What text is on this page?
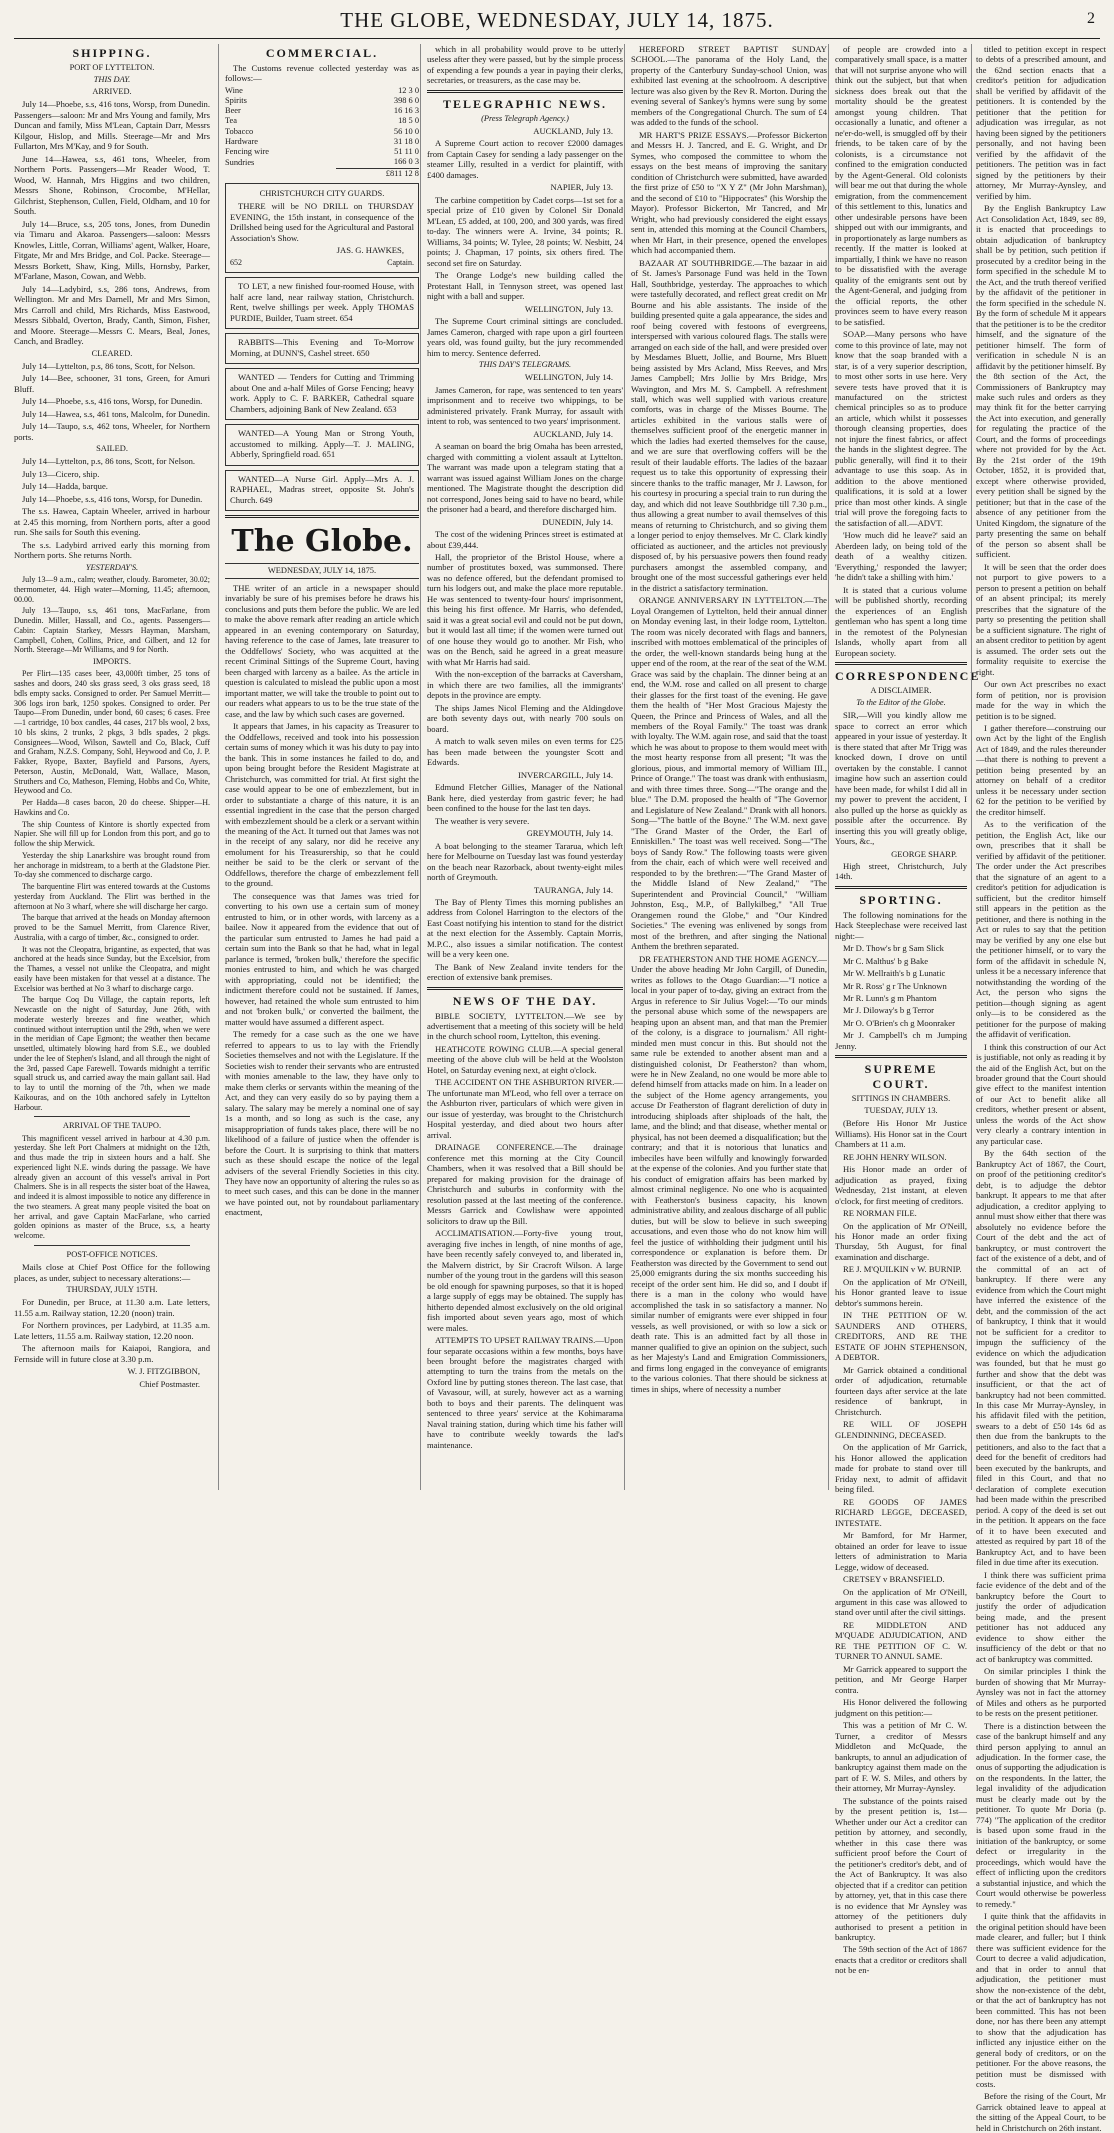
THE GLOBE, WEDNESDAY, JULY 14, 1875.	2
SHIPPING.
PORT OF LYTTELTON.
THIS DAY.
ARRIVED.

July 14—Phoebe, s.s, 416 tons, Worsp, from Dunedin. Passengers—saloon: Mr and Mrs Young and family, Mrs Duncan and family, Miss M'Lean, Captain Darr, Messrs Kilgour, Hislop, and Mills. Steerage—Mr and Mrs Fullarton, Mrs M'Kay, and 9 for South.

June 14—Hawea, s.s, 461 tons, Wheeler, from Northern Ports. Passengers—Mr Reader Wood, T. Wood, W. Hannah, Mrs Higgins and two children, Messrs Shone, Robinson, Crocombe, M'Hellar, Gilchrist, Stephenson, Cullen, Field, Oldham, and 10 for South.

July 14—Bruce, s.s, 205 tons, Jones, from Dunedin via Timaru and Akaroa. Passengers—saloon: Messrs Knowles, Little, Corran, Williams' agent, Walker, Hoare, Fitgate, Mr and Mrs Bridge, and Col. Packe. Steerage—Messrs Borkett, Shaw, King, Mills, Hornsby, Parker, M'Farlane, Mason, Cowan, and Webb.

July 14—Ladybird, s.s, 286 tons, Andrews, from Wellington. Mr and Mrs Darnell, Mr and Mrs Simon, Mrs Carroll and child, Mrs Richards, Miss Eastwood, Messrs Sibbald, Overton, Brady, Canth, Simon, Fisher, and Moore. Steerage—Messrs C. Mears, Beal, Jones, Canch, and Bradley.

CLEARED.

July 14—Lyttelton, p.s, 86 tons, Scott, for Nelson.

July 14—Bee, schooner, 31 tons, Green, for Amuri Bluff.

July 14—Phoebe, s.s, 416 tons, Worsp, for Dunedin.

July 14—Hawea, s.s, 461 tons, Malcolm, for Dunedin.

July 14—Taupo, s.s, 462 tons, Wheeler, for Northern ports.

SAILED.

July 14—Lyttelton, p.s, 86 tons, Scott, for Nelson.

July 13—Cicero, ship.

July 14—Hadda, barque.

July 14—Phoebe, s.s, 416 tons, Worsp, for Dunedin.

The s.s. Hawea, Captain Wheeler, arrived in harbour at 2.45 this morning, from Northern ports, after a good run. She sails for South this evening.

The s.s. Ladybird arrived early this morning from Northern ports. She returns North.

YESTERDAY'S.

July 13—9 a.m., calm; weather, cloudy. Barometer, 30.02; thermometer, 44. High water—Morning, 11.45; afternoon, 00.00.

July 13—Taupo, s.s, 461 tons, MacFarlane, from Dunedin. Miller, Hassall, and Co., agents. Passengers—Cabin: Captain Starkey, Messrs Hayman, Marsham, Campbell, Cohen, Collins, Price, and Gilbert, and 12 for North. Steerage—Mr Williams, and 9 for North.

IMPORTS.

Per Flirt—135 cases beer, 43,000ft timber, 25 tons of sashes and doors, 240 sks grass seed, 3 oks grass seed, 18 bdls empty sacks. Consigned to order. Per Samuel Merritt—306 logs iron bark, 1250 spokes. Consigned to order. Per Taupo—From Dunedin, under bond, 60 cases; 6 cases. Free—1 cartridge, 10 box candles, 44 cases, 217 bls wool, 2 bxs, 10 bls skins, 2 trunks, 2 pkgs, 3 bdls spades, 2 pkgs. Consignees—Wood, Wilson, Sawtell and Co, Black, Cuff and Graham, N.Z.S. Company, Sohl, Heywood and Co, J. P. Fakker, Ryope, Baxter, Bayfield and Parsons, Ayers, Peterson, Austin, McDonald, Watt, Wallace, Mason, Struthers and Co, Matheson, Fleming, Hobbs and Co, White, Heywood and Co.

Per Hadda—8 cases bacon, 20 do cheese. Shipper—H. Hawkins and Co.

The ship Countess of Kintore is shortly expected from Napier. She will fill up for London from this port, and go to follow the ship Merwick.

Yesterday the ship Lanarkshire was brought round from her anchorage in midstream, to a berth at the Gladstone Pier. To-day she commenced to discharge cargo.

The barquentine Flirt was entered towards at the Customs yesterday from Auckland. The Flirt was berthed in the afternoon at No 3 wharf, where she will discharge her cargo.

The barque that arrived at the heads on Monday afternoon proved to be the Samuel Merritt, from Clarence River, Australia, with a cargo of timber, &c., consigned to order.

It was not the Cleopatra, brigantine, as expected, that was anchored at the heads since Sunday, but the Excelsior, from the Thames, a vessel not unlike the Cleopatra, and might easily have been mistaken for that vessel at a distance. The Excelsior was berthed at No 3 wharf to discharge cargo.

The barque Coq Du Village, the captain reports, left Newcastle on the night of Saturday, June 26th, with moderate westerly breezes and fine weather, which continued without interruption until the 29th, when we were in the meridian of Cape Egmont; the weather then became unsettled, ultimately blowing hard from S.E., we doubled under the lee of Stephen's Island, and all through the night of the 3rd, passed Cape Farewell. Towards midnight a terrific squall struck us, and carried away the main gallant sail. Had to lay to until the morning of the 7th, when we made Kaikouras, and on the 10th anchored safely in Lyttelton Harbour.

ARRIVAL OF THE TAUPO.

This magnificent vessel arrived in harbour at 4.30 p.m. yesterday. She left Port Chalmers at midnight on the 12th, and thus made the trip in sixteen hours and a half. She experienced light N.E. winds during the passage. We have already given an account of this vessel's arrival in Port Chalmers. She is in all respects the sister boat of the Hawea, and indeed it is almost impossible to notice any difference in the two steamers. A great many people visited the boat on her arrival, and gave Captain MacFarlane, who carried golden opinions as master of the Bruce, s.s, a hearty welcome.

POST-OFFICE NOTICES.

Mails close at Chief Post Office for the following places, as under, subject to necessary alterations:—

THURSDAY, JULY 15TH.

For Dunedin, per Bruce, at 11.30 a.m. Late letters, 11.55 a.m. Railway station, 12.20 (noon) train.

For Northern provinces, per Ladybird, at 11.35 a.m. Late letters, 11.55 a.m. Railway station, 12.20 noon.

The afternoon mails for Kaiapoi, Rangiora, and Fernside will in future close at 3.30 p.m.

W. J. FITZGIBBON,

Chief Postmaster.

COMMERCIAL.

The Customs revenue collected yesterday was as follows:—

Wine	12 3 0
Spirits	398 6 0
Beer	16 16 3
Tea	18 5 0
Tobacco	56 10 0
Hardware	31 18 0
Fencing wire	51 11 0
Sundries	166 0 3
	£811 12 8
CHRISTCHURCH CITY GUARDS.

THERE will be NO DRILL on THURSDAY EVENING, the 15th instant, in consequence of the Drillshed being used for the Agricultural and Pastoral Association's Show.

JAS. G. HAWKES,

652	Captain.

TO LET, a new finished four-roomed House, with half acre land, near railway station, Christchurch. Rent, twelve shillings per week. Apply THOMAS PURDIE, Builder, Tuam street. 654

RABBITS—This Evening and To-Morrow Morning, at DUNN'S, Cashel street. 650

WANTED — Tenders for Cutting and Trimming about One and a-half Miles of Gorse Fencing; heavy work. Apply to C. F. BARKER, Cathedral square Chambers, adjoining Bank of New Zealand. 653

WANTED—A Young Man or Strong Youth, accustomed to milking. Apply—T. J. MALING, Abberly, Springfield road. 651

WANTED—A Nurse Girl. Apply—Mrs A. J. RAPHAEL, Madras street, opposite St. John's Church. 649

The Globe.
WEDNESDAY, JULY 14, 1875.

THE writer of an article in a newspaper should invariably be sure of his premises before he draws his conclusions and puts them before the public. We are led to make the above remark after reading an article which appeared in an evening contemporary on Saturday, having reference to the case of James, late treasurer to the Oddfellows' Society, who was acquitted at the recent Criminal Sittings of the Supreme Court, having been charged with larceny as a bailee. As the article in question is calculated to mislead the public upon a most important matter, we will take the trouble to point out to our readers what appears to us to be the true state of the case, and the law by which such cases are governed.

It appears that James, in his capacity as Treasurer to the Oddfellows, received and took into his possession certain sums of money which it was his duty to pay into the bank. This in some instances he failed to do, and upon being brought before the Resident Magistrate at Christchurch, was committed for trial. At first sight the case would appear to be one of embezzlement, but in order to substantiate a charge of this nature, it is an essential ingredient in the case that the person charged with embezzlement should be a clerk or a servant within the meaning of the Act. It turned out that James was not in the receipt of any salary, nor did he receive any emolument for his Treasurership, so that he could neither be said to be the clerk or servant of the Oddfellows, therefore the charge of embezzlement fell to the ground.

The consequence was that James was tried for converting to his own use a certain sum of money entrusted to him, or in other words, with larceny as a bailee. Now it appeared from the evidence that out of the particular sum entrusted to James he had paid a certain sum into the Bank so that he had, what in legal parlance is termed, 'broken bulk,' therefore the specific monies entrusted to him, and which he was charged with appropriating, could not be identified; the indictment therefore could not be sustained. If James, however, had retained the whole sum entrusted to him and not 'broken bulk,' or converted the bailment, the matter would have assumed a different aspect.

The remedy for a case such as the one we have referred to appears to us to lay with the Friendly Societies themselves and not with the Legislature. If the Societies wish to render their servants who are entrusted with monies amenable to the law, they have only to make them clerks or servants within the meaning of the Act, and they can very easily do so by paying them a salary. The salary may be merely a nominal one of say 1s a month, and so long as such is the case, any misappropriation of funds takes place, there will be no likelihood of a failure of justice when the offender is before the Court. It is surprising to think that matters such as these should escape the notice of the legal advisers of the several Friendly Societies in this city. They have now an opportunity of altering the rules so as to meet such cases, and this can be done in the manner we have pointed out, not by roundabout parliamentary enactment,

which in all probability would prove to be utterly useless after they were passed, but by the simple process of expending a few pounds a year in paying their clerks, secretaries, or treasurers, as the case may be.

TELEGRAPHIC NEWS.
(Press Telegraph Agency.)

AUCKLAND, July 13.

A Supreme Court action to recover £2000 damages from Captain Casey for sending a lady passenger on the steamer Lilly, resulted in a verdict for plaintiff, with £400 damages.

NAPIER, July 13.

The carbine competition by Cadet corps—1st set for a special prize of £10 given by Colonel Sir Donald M'Lean, £5 added, at 100, 200, and 300 yards, was fired to-day. The winners were A. Irvine, 34 points; R. Williams, 34 points; W. Tylee, 28 points; W. Nesbitt, 24 points; J. Chapman, 17 points, six others fired. The second set fire on Saturday.

The Orange Lodge's new building called the Protestant Hall, in Tennyson street, was opened last night with a ball and supper.

WELLINGTON, July 13.

The Supreme Court criminal sittings are concluded. James Cameron, charged with rape upon a girl fourteen years old, was found guilty, but the jury recommended him to mercy. Sentence deferred.

THIS DAY'S TELEGRAMS.

WELLINGTON, July 14.

James Cameron, for rape, was sentenced to ten years' imprisonment and to receive two whippings, to be administered privately. Frank Murray, for assault with intent to rob, was sentenced to two years' imprisonment.

AUCKLAND, July 14.

A seaman on board the brig Omaha has been arrested, charged with committing a violent assault at Lyttelton. The warrant was made upon a telegram stating that a warrant was issued against William Jones on the charge mentioned. The Magistrate thought the description did not correspond, Jones being said to have no beard, while the prisoner had a beard, and therefore discharged him.

DUNEDIN, July 14.

The cost of the widening Princes street is estimated at about £39,444.

Hall, the proprietor of the Bristol House, where a number of prostitutes boxed, was summonsed. There was no defence offered, but the defendant promised to turn his lodgers out, and make the place more reputable. He was sentenced to twenty-four hours' imprisonment, this being his first offence. Mr Harris, who defended, said it was a great social evil and could not be put down, but it would last all time; if the women were turned out of one house they would go to another. Mr Fish, who was on the Bench, said he agreed in a great measure with what Mr Harris had said.

With the non-exception of the barracks at Caversham, in which there are two families, all the immigrants' depots in the province are empty.

The ships James Nicol Fleming and the Aldingdove are both seventy days out, with nearly 700 souls on board.

A match to walk seven miles on even terms for £25 has been made between the youngster Scott and Edwards.

INVERCARGILL, July 14.

Edmund Fletcher Gillies, Manager of the National Bank here, died yesterday from gastric fever; he had been confined to the house for the last ten days.

The weather is very severe.

GREYMOUTH, July 14.

A boat belonging to the steamer Tararua, which left here for Melbourne on Tuesday last was found yesterday on the beach near Razorback, about twenty-eight miles north of Greymouth.

TAURANGA, July 14.

The Bay of Plenty Times this morning publishes an address from Colonel Harrington to the electors of the East Coast notifying his intention to stand for the district at the next election for the Assembly. Captain Morris, M.P.C., also issues a similar notification. The contest will be a very keen one.

The Bank of New Zealand invite tenders for the erection of extensive bank premises.

NEWS OF THE DAY.

BIBLE SOCIETY, LYTTELTON.—We see by advertisement that a meeting of this society will be held in the church school room, Lyttelton, this evening.

HEATHCOTE ROWING CLUB.—A special general meeting of the above club will be held at the Woolston Hotel, on Saturday evening next, at eight o'clock.

THE ACCIDENT ON THE ASHBURTON RIVER.—The unfortunate man M'Leod, who fell over a terrace on the Ashburton river, particulars of which were given in our issue of yesterday, was brought to the Christchurch Hospital yesterday, and died about two hours after arrival.

DRAINAGE CONFERENCE.—The drainage conference met this morning at the City Council Chambers, when it was resolved that a Bill should be prepared for making provision for the drainage of Christchurch and suburbs in conformity with the resolution passed at the last meeting of the conference. Messrs Garrick and Cowlishaw were appointed solicitors to draw up the Bill.

ACCLIMATISATION.—Forty-five young trout, averaging five inches in length, of nine months of age, have been recently safely conveyed to, and liberated in, the Malvern district, by Sir Cracroft Wilson. A large number of the young trout in the gardens will this season be old enough for spawning purposes, so that it is hoped a large supply of eggs may be obtained. The supply has hitherto depended almost exclusively on the old original fish imported about seven years ago, most of which were males.

ATTEMPTS TO UPSET RAILWAY TRAINS.—Upon four separate occasions within a few months, boys have been brought before the magistrates charged with attempting to turn the trains from the metals on the Oxford line by putting stones thereon. The last case, that of Vavasour, will, at surely, however act as a warning both to boys and their parents. The delinquent was sentenced to three years' service at the Kohimarama Naval training station, during which time his father will have to contribute weekly towards the lad's maintenance.

HEREFORD STREET BAPTIST SUNDAY SCHOOL.—The panorama of the Holy Land, the property of the Canterbury Sunday-school Union, was exhibited last evening at the schoolroom. A descriptive lecture was also given by the Rev R. Morton. During the evening several of Sankey's hymns were sung by some members of the Congregational Church. The sum of £4 was added to the funds of the school.

MR HART'S PRIZE ESSAYS.—Professor Bickerton and Messrs H. J. Tancred, and E. G. Wright, and Dr Symes, who composed the committee to whom the essays on the best means of improving the sanitary condition of Christchurch were submitted, have awarded the first prize of £50 to "X Y Z" (Mr John Marshman), and the second of £10 to "Hippocrates" (his Worship the Mayor). Professor Bickerton, Mr Tancred, and Mr Wright, who had previously considered the eight essays sent in, attended this morning at the Council Chambers, when Mr Hart, in their presence, opened the envelopes which had accompanied them.

BAZAAR AT SOUTHBRIDGE.—The bazaar in aid of St. James's Parsonage Fund was held in the Town Hall, Southbridge, yesterday. The approaches to which were tastefully decorated, and reflect great credit on Mr Bourne and his able assistants. The inside of the building presented quite a gala appearance, the sides and roof being covered with festoons of evergreens, interspersed with various coloured flags. The stalls were arranged on each side of the hall, and were presided over by Mesdames Bluett, Jollie, and Bourne, Mrs Bluett being assisted by Mrs Acland, Miss Reeves, and Mrs James Campbell; Mrs Jollie by Mrs Bridge, Mrs Wavington, and Mrs M. S. Campbell. A refreshment stall, which was well supplied with various creature comforts, was in charge of the Misses Bourne. The articles exhibited in the various stalls were of themselves sufficient proof of the energetic manner in which the ladies had exerted themselves for the cause, and we are sure that overflowing coffers will be the result of their laudable efforts. The ladies of the bazaar request us to take this opportunity of expressing their sincere thanks to the traffic manager, Mr J. Lawson, for his courtesy in procuring a special train to run during the day, and which did not leave Southbridge till 7.30 p.m., thus allowing a great number to avail themselves of this means of returning to Christchurch, and so giving them a longer period to enjoy themselves. Mr C. Clark kindly officiated as auctioneer, and the articles not previously disposed of, by his persuasive powers then found ready purchasers amongst the assembled company, and brought one of the most successful gatherings ever held in the district a satisfactory termination.

ORANGE ANNIVERSARY IN LYTTELTON.—The Loyal Orangemen of Lyttelton, held their annual dinner on Monday evening last, in their lodge room, Lyttelton. The room was nicely decorated with flags and banners, inscribed with mottoes emblematical of the principles of the order, the well-known standards being hung at the upper end of the room, at the rear of the seat of the W.M. Grace was said by the chaplain. The dinner being at an end, the W.M. rose and called on all present to charge their glasses for the first toast of the evening. He gave them the health of "Her Most Gracious Majesty the Queen, the Prince and Princess of Wales, and all the members of the Royal Family." The toast was drank with loyalty. The W.M. again rose, and said that the toast which he was about to propose to them would meet with the most hearty response from all present; "It was the glorious, pious, and immortal memory of William III., Prince of Orange." The toast was drank with enthusiasm, and with three times three. Song—"The orange and the blue." The D.M. proposed the health of "The Governor and Legislature of New Zealand." Drank with all honors. Song—"The battle of the Boyne." The W.M. next gave "The Grand Master of the Order, the Earl of Enniskillen." The toast was well received. Song—"The boys of Sandy Row." The following toasts were given from the chair, each of which were well received and responded to by the brethren:—"The Grand Master of the Middle Island of New Zealand," "The Superintendent and Provincial Council," "William Johnston, Esq., M.P., of Ballykilbeg," "All True Orangemen round the Globe," and "Our Kindred Societies." The evening was enlivened by songs from most of the brethren, and after singing the National Anthem the brethren separated.

DR FEATHERSTON AND THE HOME AGENCY.—Under the above heading Mr John Cargill, of Dunedin, writes as follows to the Otago Guardian:—"I notice a local in your paper of to-day, giving an extract from the Argus in reference to Sir Julius Vogel:—'To our minds the personal abuse which some of the newspapers are heaping upon an absent man, and that man the Premier of the colony, is a disgrace to journalism.' All right-minded men must concur in this. But should not the same rule be extended to another absent man and a distinguished colonist, Dr Featherston? than whom, were he in New Zealand, no one would be more able to defend himself from attacks made on him. In a leader on the subject of the Home agency arrangements, you accuse Dr Featherston of flagrant dereliction of duty in introducing shiploads after shiploads of the halt, the lame, and the blind; and that disease, whether mental or physical, has not been deemed a disqualification; but the contrary; and that it is notorious that lunatics and imbeciles have been wilfully and knowingly forwarded at the expense of the colonies. And you further state that his conduct of emigration affairs has been marked by almost criminal negligence. No one who is acquainted with Featherston's business capacity, his known administrative ability, and zealous discharge of all public duties, but will be slow to believe in such sweeping accusations, and even those who do not know him will feel the justice of withholding their judgment until his correspondence or explanation is before them. Dr Featherston was directed by the Government to send out 25,000 emigrants during the six months succeeding his receipt of the order sent him. He did so, and I doubt if there is a man in the colony who would have accomplished the task in so satisfactory a manner. No similar number of emigrants were ever shipped in four vessels, as well provisioned, or with so low a sick or death rate. This is an admitted fact by all those in manner qualified to give an opinion on the subject, such as her Majesty's Land and Emigration Commissioners, and firms long engaged in the conveyance of emigrants to the various colonies. That there should be sickness at times in ships, where of necessity a number

of people are crowded into a comparatively small space, is a matter that will not surprise anyone who will think out the subject, but that when sickness does break out that the mortality should be the greatest amongst young children. That occasionally a lunatic, and oftener a ne'er-do-well, is smuggled off by their friends, to be taken care of by the colonists, is a circumstance not confined to the emigration conducted by the Agent-General. Old colonists will bear me out that during the whole emigration, from the commencement of this settlement to this, lunatics and other undesirable persons have been shipped out with our immigrants, and in proportionately as large numbers as recently. If the matter is looked at impartially, I think we have no reason to be dissatisfied with the average quality of the emigrants sent out by the Agent-General, and judging from the official reports, the other provinces seem to have every reason to be satisfied.

SOAP.—Many persons who have come to this province of late, may not know that the soap branded with a star, is of a very superior description, to most other sorts in use here. Very severe tests have proved that it is manufactured on the strictest chemical principles so as to produce an article, which whilst it possesses thorough cleansing properties, does not injure the finest fabrics, or affect the hands in the slightest degree. The public generally, will find it to their advantage to use this soap. As in addition to the above mentioned qualifications, it is sold at a lower price than most other kinds. A single trial will prove the foregoing facts to the satisfaction of all.—ADVT.

'How much did he leave?' said an Aberdeen lady, on being told of the death of a wealthy citizen. 'Everything,' responded the lawyer; 'he didn't take a shilling with him.'

It is stated that a curious volume will be published shortly, recording the experiences of an English gentleman who has spent a long time in the remotest of the Polynesian Islands, wholly apart from all European society.

CORRESPONDENCE
A DISCLAIMER.
To the Editor of the Globe.

SIR,—Will you kindly allow me space to correct an error which appeared in your issue of yesterday. It is there stated that after Mr Trigg was knocked down, I drove on until overtaken by the constable. I cannot imagine how such an assertion could have been made, for whilst I did all in my power to prevent the accident, I also pulled up the horse as quickly as possible after the occurrence. By inserting this you will greatly oblige, Yours, &c.,

GEORGE SHARP.

High street, Christchurch, July 14th.

SPORTING.

The following nominations for the Hack Steeplechase were received last night:—

Mr D. Thow's br g Sam Slick

Mr C. Malthus' b g Bake

Mr W. Mellraith's b g Lunatic

Mr R. Ross' g r The Unknown

Mr R. Lunn's g m Phantom

Mr J. Diloway's b g Terror

Mr O. O'Brien's ch g Moonraker

Mr J. Campbell's ch m Jumping Jenny.

SUPREME COURT.
SITTINGS IN CHAMBERS.
TUESDAY, JULY 13.

(Before His Honor Mr Justice Williams). His Honor sat in the Court Chambers at 11 a.m.

RE JOHN HENRY WILSON.

His Honor made an order of adjudication as prayed, fixing Wednesday, 21st instant, at eleven o'clock, for first meeting of creditors.

RE NORMAN FILE.

On the application of Mr O'Neill, his Honor made an order fixing Thursday, 5th August, for final examination and discharge.

RE J. M'QUILKIN v W. BURNIP.

On the application of Mr O'Neill, his Honor granted leave to issue debtor's summons herein.

IN THE PETITION OF W. SAUNDERS AND OTHERS, CREDITORS, AND RE THE ESTATE OF JOHN STEPHENSON, A DEBTOR.

Mr Garrick obtained a conditional order of adjudication, returnable fourteen days after service at the late residence of bankrupt, in Christchurch.

RE WILL OF JOSEPH GLENDINNING, DECEASED.

On the application of Mr Garrick, his Honor allowed the application made for probate to stand over till Friday next, to admit of affidavit being filed.

RE GOODS OF JAMES RICHARD LEGGE, DECEASED, INTESTATE.

Mr Bamford, for Mr Harmer, obtained an order for leave to issue letters of administration to Maria Legge, widow of deceased.

CRETSEY v BRANSFIELD.

On the application of Mr O'Neill, argument in this case was allowed to stand over until after the civil sittings.

RE MIDDLETON AND M'QUADE ADJUDICATION, AND RE THE PETITION OF C. W. TURNER TO ANNUL SAME.

Mr Garrick appeared to support the petition, and Mr George Harper contra.

His Honor delivered the following judgment on this petition:—

This was a petition of Mr C. W. Turner, a creditor of Messrs Middleton and McQuade, the bankrupts, to annul an adjudication of bankruptcy against them made on the part of F. W. S. Miles, and others by their attorney, Mr Murray-Aynsley.

The substance of the points raised by the present petition is, 1st—Whether under our Act a creditor can petition by attorney, and secondly, whether in this case there was sufficient proof before the Court of the petitioner's creditor's debt, and of the Act of Bankruptcy. It was also objected that if a creditor can petition by attorney, yet, that in this case there is no evidence that Mr Aynsley was attorney of the petitioners duly authorised to present a petition in bankruptcy.

The 59th section of the Act of 1867 enacts that a creditor or creditors shall not be en-

titled to petition except in respect to debts of a prescribed amount, and the 62nd section enacts that a creditor's petition for adjudication shall be verified by affidavit of the petitioners. It is contended by the petitioner that the petition for adjudication was irregular, as not having been signed by the petitioners personally, and not having been verified by the affidavit of the petitioners. The petition was in fact signed by the petitioners by their attorney, Mr Murray-Aynsley, and verified by him.

By the English Bankruptcy Law Act Consolidation Act, 1849, sec 89, it is enacted that proceedings to obtain adjudication of bankruptcy shall be by petition, such petition if prosecuted by a creditor being in the form specified in the schedule M to the Act, and the truth thereof verified by the affidavit of the petitioner in the form specified in the schedule N. By the form of schedule M it appears that the petitioner is to be the creditor himself, and the signature of the petitioner himself. The form of verification in schedule N is an affidavit by the petitioner himself. By the 8th section of the Act, the Commissioners of Bankruptcy may make such rules and orders as they may think fit for the better carrying the Act into execution, and generally for regulating the practice of the Court, and the forms of proceedings where not provided for by the Act. By the 21st order of the 19th October, 1852, it is provided that, except where otherwise provided, every petition shall be signed by the petitioner; but that in the case of the absence of any petitioner from the United Kingdom, the signature of the party presenting the same on behalf of the person so absent shall be sufficient.

It will be seen that the order does not purport to give powers to a person to present a petition on behalf of an absent principal; its merely prescribes that the signature of the party so presenting the petition shall be a sufficient signature. The right of an absent creditor to petition by agent is assumed. The order sets out the formality requisite to exercise the right.

Our own Act prescribes no exact form of petition, nor is provision made for the way in which the petition is to be signed.

I gather therefore—construing our own Act by the light of the English Act of 1849, and the rules thereunder—that there is nothing to prevent a petition being presented by an attorney on behalf of a creditor unless it be necessary under section 62 for the petition to be verified by the creditor himself.

As to the verification of the petition, the English Act, like our own, prescribes that it shall be verified by affidavit of the petitioner. The order under the Act prescribes that the signature of an agent to a creditor's petition for adjudication is sufficient, but the creditor himself still appears in the petition as the petitioner, and there is nothing in the Act or rules to say that the petition may be verified by any one else but the petitioner himself, or to vary the form of the affidavit in schedule N, unless it be a necessary inference that notwithstanding the wording of the Act, the person who signs the petition—though signing as agent only—is to be considered as the petitioner for the purpose of making the affidavit of verification.

I think this construction of our Act is justifiable, not only as reading it by the aid of the English Act, but on the broader ground that the Court should give effect to the manifest intention of our Act to benefit alike all creditors, whether present or absent, unless the words of the Act show very clearly a contrary intention in any particular case.

By the 64th section of the Bankruptcy Act of 1867, the Court, on proof of the petitioning creditor's debt, is to adjudge the debtor bankrupt. It appears to me that after adjudication, a creditor applying to annul must show either that there was absolutely no evidence before the Court of the debt and the act of bankruptcy, or must controvert the fact of the existence of a debt, and of the committal of an act of bankruptcy. If there were any evidence from which the Court might have inferred the existence of the debt, and the commission of the act of bankruptcy, I think that it would not be sufficient for a creditor to impugn the sufficiency of the evidence on which the adjudication was founded, but that he must go further and show that the debt was insufficient, or that the act of bankruptcy had not been committed. In this case Mr Murray-Aynsley, in his affidavit filed with the petition, swears to a debt of £50 14s 6d as then due from the bankrupts to the petitioners, and also to the fact that a deed for the benefit of creditors had been executed by the bankrupts, and filed in this Court, and that no declaration of complete execution had been made within the prescribed period. A copy of the deed is set out in the petition. It appears on the face of it to have been executed and attested as required by part 18 of the Bankruptcy Act, and to have been filed in due time after its execution.

I think there was sufficient prima facie evidence of the debt and of the bankruptcy before the Court to justify the order of adjudication being made, and the present petitioner has not adduced any evidence to show either the insufficiency of the debt or that no act of bankruptcy was committed.

On similar principles I think the burden of showing that Mr Murray-Aynsley was not in fact the attorney of Miles and others as he purported to be rests on the present petitioner.

There is a distinction between the case of the bankrupt himself and any third person applying to annul an adjudication. In the former case, the onus of supporting the adjudication is on the respondents. In the latter, the legal invalidity of the adjudication must be clearly made out by the petitioner. To quote Mr Doria (p. 774) "The application of the creditor is based upon some fraud in the initiation of the bankruptcy, or some defect or irregularity in the proceedings, which would have the effect of inflicting upon the creditors a substantial injustice, and which the Court would otherwise be powerless to remedy."

I quite think that the affidavits in the original petition should have been made clearer, and fuller; but I think there was sufficient evidence for the Court to decree a valid adjudication, and that in order to annul that adjudication, the petitioner must show the non-existence of the debt, or that the act of bankruptcy has not been committed. This has not been done, nor has there been any attempt to show that the adjudication has inflicted any injustice either on the general body of creditors, or on the petitioner. For the above reasons, the petition must be dismissed with costs.

Before the rising of the Court, Mr Garrick obtained leave to appeal at the sitting of the Appeal Court, to be held in Christchurch on 26th instant.
